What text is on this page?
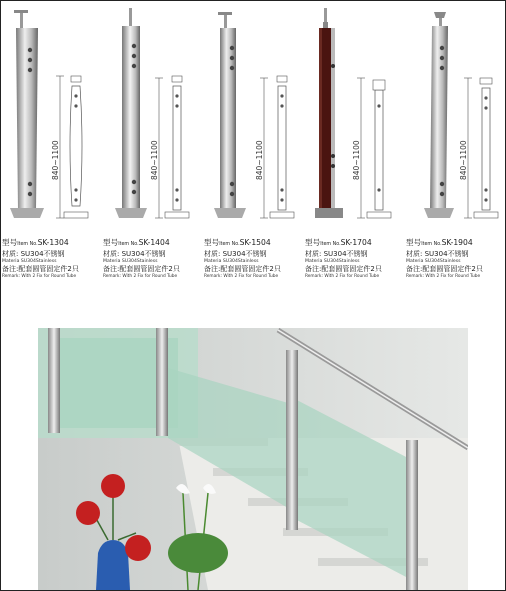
型号Item No.SK-1304
材质: SU304不锈钢
Materia SU304Stainless
备注:配套圆管固定件2只
Remark: With 2 Fix for Round Tube
型号Item No.SK-1404
材质: SU304不锈钢
Materia SU304Stainless
备注:配套圆管固定件2只
Remark: With 2 Fix for Round Tube
型号Item No.SK-1504
材质: SU304不锈钢
Materia SU304Stainless
备注:配套圆管固定件2只
Remark: With 2 Fix for Round Tube
型号Item No.SK-1704
材质: SU304不锈钢
Materia SU304Stainless
备注:配套圆管固定件2只
Remark: With 2 Fix for Round Tube
型号Item No.SK-1904
材质: SU304不锈钢
Materia SU304Stainless
备注:配套圆管固定件2只
Remark: With 2 Fix for Round Tube
840~1100	840~1100	840~1100	840~1100	840~1100
